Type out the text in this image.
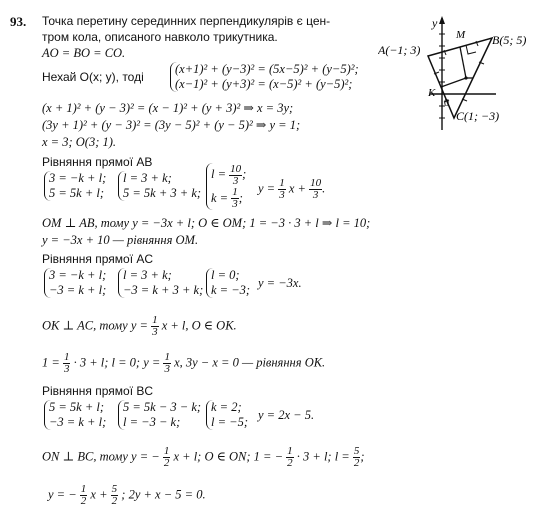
93. Точка перетину серединних перпендикулярів є цен-
тром кола, описаного навколо трикутника.
AO = BO = CO.
Нехай O(x; y), тоді
(x+1)² + (y−3)² = (5x−5)² + (y−5)²;
(x−1)² + (y+3)² = (x−5)² + (y−5)²;
(x + 1)² + (y − 3)² = (x − 1)² + (y + 3)² ⇒ x = 3y;
(3y + 1)² + (y − 3)² = (3y − 5)² + (y − 5)² ⇒ y = 1;
x = 3; O(3; 1).
Рівняння прямої AB
3 = −k + l;
5 = 5k + l;
l = 3 + k;
5 = 5k + 3 + k;
$l = \frac{10}{3}$ ;
$k = \frac{1}{3}$ ;
$y = \frac{1}{3}$ $x + \frac{10}{3}$ .
OM ⊥ AB, тому y = −3x + l; O ∈ OM; 1 = −3 · 3 + l ⇒ l = 10;
y = −3x + 10 — рівняння OM.
Рівняння прямої AC
3 = −k + l;
−3 = k + l;
l = 3 + k;
−3 = k + 3 + k;
l = 0;
k = −3; y = −3x.
OK ⊥ AC, тому $y = \frac{1}{3}$ x + l, O ∈ OK.
$1 = \frac{1}{3} \cdot 3 + l$; l = 0; $y = \frac{1}{3} x$, 3y − x = 0 — рівняння OK.
Рівняння прямої BC
5 = 5k + l;
−3 = k + l;
5 = 5k − 3 − k;
l = −3 − k;
k = 2;
l = −5; y = 2x − 5.
ON ⊥ BC, тому y = − $\frac{1}{2}$ x + l; O ∈ ON; 1 = − $\frac{1}{2} \cdot 3 + l$; $l = \frac{5}{2}$ ;
y = − $\frac{1}{2}$ $x + \frac{5}{2}$ ; 2y + x − 5 = 0.
y
M
A(−1; 3)
B(5; 5)
K
0
C(1; −3)
